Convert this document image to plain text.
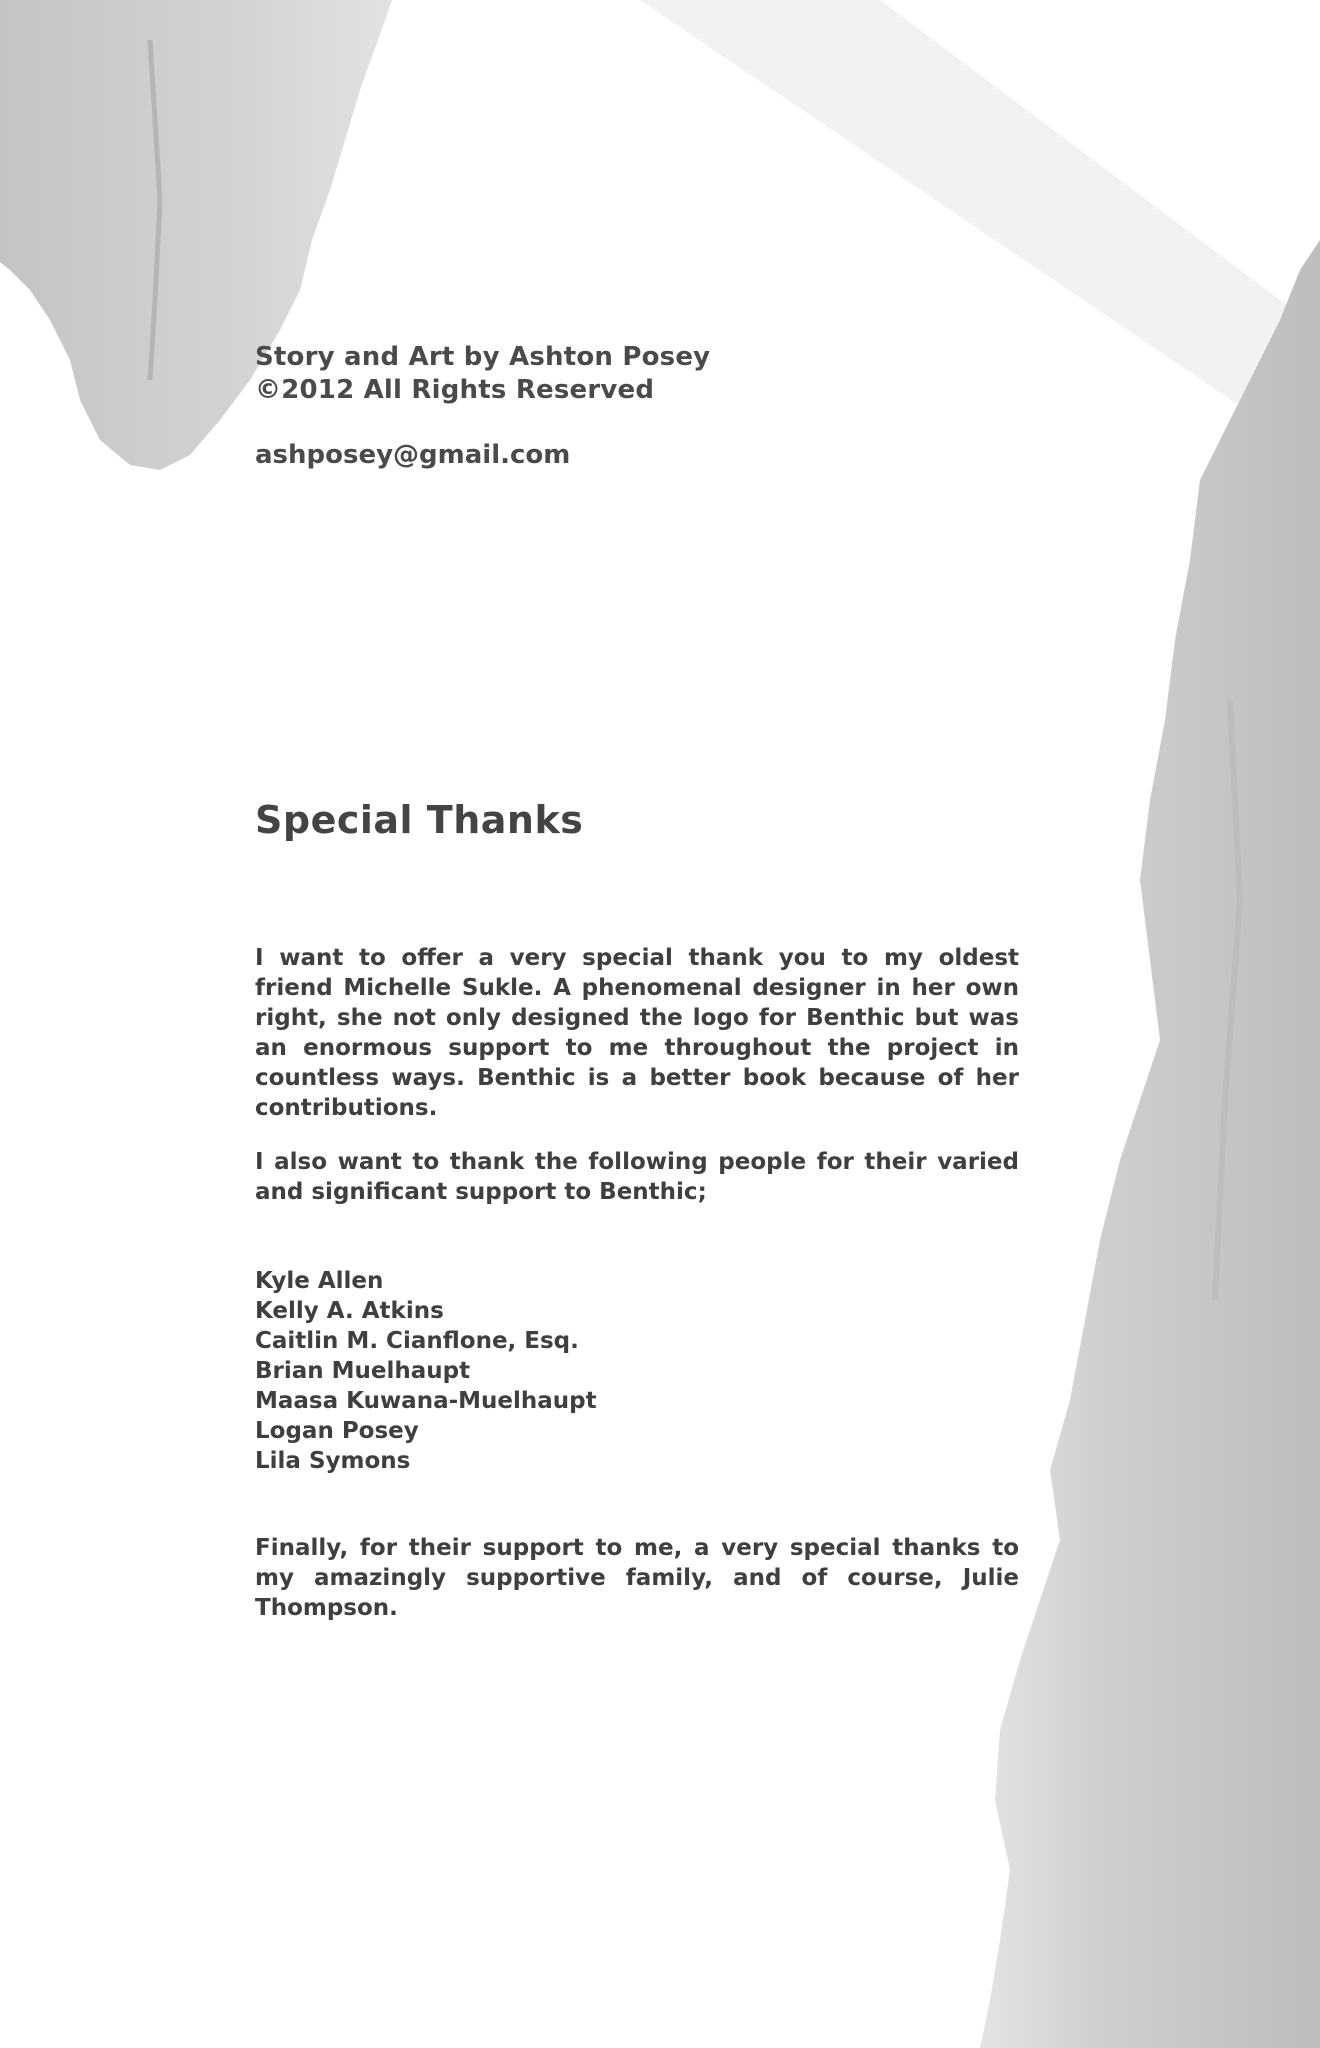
Story and Art by Ashton Posey
©2012 All Rights Reserved
ashposey@gmail.com
Special Thanks
I want to offer a very special thank you to my oldest friend Michelle Sukle. A phenomenal designer in her own right, she not only designed the logo for Benthic but was an enormous support to me throughout the project in countless ways. Benthic is a better book because of her contributions.
I also want to thank the following people for their varied and significant support to Benthic;
Kyle Allen
Kelly A. Atkins
Caitlin M. Cianflone, Esq.
Brian Muelhaupt
Maasa Kuwana-Muelhaupt
Logan Posey
Lila Symons
Finally, for their support to me, a very special thanks to my amazingly supportive family, and of course, Julie Thompson.
